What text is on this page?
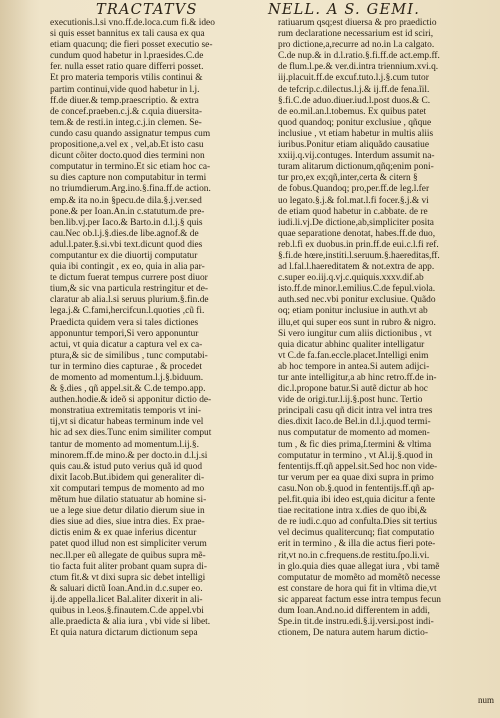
TRACTATVS	NELL. A S. GEMI.
executionis.l.si vno.ff.de.loca.cum fi.& ideo
si quis esset bannitus ex tali causa ex qua
etiam quacunq; die fieri posset executio se-
cundum quod habetur in l.praesides.C.de
fer. nulla esset ratio quare differri posset.
Et pro materia temporis vtilis continui &
partim continui,vide quod habetur in l.j.
ff.de diuer.& temp.praescriptio. & extra
de concef.praeben.c.j.& c.quia diuersita-
tem.& de resti.in integ.c.j.in clemen. Se-
cundo casu quando assignatur tempus cum
propositione,a.vel ex , vel,ab.Et isto casu
dicunt cõiter docto.quod dies termini non
computatur in termino.Et sic etiam hoc ca-
su dies capture non computabitur in termi
no triumdierum.Arg.ino.§.fina.ff.de action.
emp.& ita no.in §pecu.de dila.§.j.ver.sed
pone.& per Ioan.An.in c.statutum.de pre-
ben.lib.vj.per Iaco.& Barto.in d.l.j.§ quis
cau.Nec ob.l.j.§.dies.de libe.agnof.& de
adul.l.pater.§.si.vbi text.dicunt quod dies
computantur ex die diuortij computatur
quia ibi contingit , ex eo, quia in alia par-
te dictum fuerat tempus currere post diuor
tium,& sic vna particula restringitur et de-
claratur ab alia.l.si seruus plurium.§.fin.de
lega.j.& C.fami,hercifcun.l.quoties ,cũ fi.
Praedicta quidem vera si tales dictiones
apponuntur tempori,Si vero apponuntur
actui, vt quia dicatur a captura vel ex ca-
ptura,& sic de similibus , tunc computabi-
tur in termino dies capturae , & procedet
de momento ad momentum.l.j.§.biduum.
& §.dies , qñ appel.sit.& C.de tempo.app.
authen.hodie.& ideõ si apponitur dictio de-
monstratiua extremitatis temporis vt ini-
tij,vt si dicatur habeas terminum inde vel
hic ad sex dies.Tunc enim similiter comput
tantur de momento ad momentum.l.ij.§.
minorem.ff.de mino.& per docto.in d.l.j.si
quis cau.& istud puto verius quã id quod
dixit Iacob.But.ibidem qui generaliter di-
xit computari tempus de momento ad mo
mẽtum hue dilatio statuatur ab homine si-
ue a lege siue detur dilatio dierum siue in
dies siue ad dies, siue intra dies. Ex prae-
dictis enim & ex quae inferius dicentur
patet quod illud non est simpliciter verum
nec.ll.per eũ allegate de quibus supra mẽ-
tio facta fuit aliter probant quam supra di-
ctum fit.& vt dixi supra sic debet intelligi
& saluari dictũ Ioan.And.in d.c.super eo.
ij.de appella.licet Bal.aliter dixerit in ali-
quibus in l.eos.§.finautem.C.de appel.vbi
alle.praedicta & alia iura , vbi vide si libet.
Et quia natura dictarum dictionum sepa
ratiuarum qsq;est diuersa & pro praedictio
rum declaratione necessarium est id sciri,
pro dictione,a,recurre ad no.in l.a calgato.
C.de nup.& in d.l.ratio.§.fi.ff.de act.emp.ff.
de flum.l.pe.& ver.di.intra triennium.xvi.q.
iij.placuit.ff.de excuf.tuto.l.j.§.cum tutor
de tefcrip.c.dilectus.l.j.& ij.ff.de fena.ĩil.
§.fi.C.de aduo.diuer.iud.l.post duos.& C.
de eo.mil.an.l.tobemus. Ex quibus patet
quod quandoq; ponitur exclusiue , qñque
inclusiue , vt etiam habetur in multis aliis
iuribus.Ponitur etiam aliquãdo causatiue
xxiij.q.vij.contuges. Interdum assumit na-
turam alitarum dictionum,qñq;enim poni-
tur pro,ex ex;qñ,inter,certa & citern §
de fobus.Quandoq; pro,per.ff.de leg.l.fer
uo legato.§.j.& fol.mat.l.fi focer.§.j.& vi
de etiam quod habetur in c.abbate. de re
iudi.li.vj.De dictione,ab,simpliciter posita
quae separatione denotat, habes.ff.de duo,
reb.l.fi ex duobus.in prin.ff.de eui.c.l.fi ref.
§.fi.de hœre,institi.l.seruum.§.haereditas,ff.
ad l.fal.l.haereditatem & not.extra de app.
c.super eo.iij.q.vj.c.quiquis.xxxv.dif.ab
isto.ff.de minor.l.emilius.C.de fepul.viola.
auth.sed nec.vbi ponitur exclusiue. Quãdo
oq; etiam ponitur inclusiue in auth.vt ab
illu,et qui super eos sunt in rubro & nigro.
Si vero iungitur cum aliis dictionibus , vt
quia dicatur abhinc qualiter intelligatur
vt C.de fa.fan.eccle.placet.Intelligi enim
ab hoc tempore in antea.Si autem adijci-
tur ante intelligitur,a ab hinc retro.ff.de in-
dic.l.propone batur.Si autẽ dictur ab hoc
vide de origi.tur.l.ij.§.post hunc. Tertio
principali casu qñ dicit intra vel intra tres
dies.dixit Iaco.de Bel.in d.l.j.quod termi-
nus computatur de momento ad momen-
tum , & fic dies prima,ſ.termini & vltima
computatur in termino , vt Al.ij.§.quod in
fententijs.ff.qñ appel.sit.Sed hoc non vide-
tur verum per ea quae dixi supra in primo
casu.Non ob.§.quod in fententijs.ff.qñ ap-
pel.fit.quia ibi ideo est,quia dicitur a fente
tiae recitatione intra x.dies de quo ibi,&
de re iudi.c.quo ad confulta.Dies sit tertius
vel decimus qualitercunq; fiat computatio
erit in termino , & illa die actus fieri pote-
rit,vt no.in c.frequens.de restitu.ſpo.li.vi.
in glo.quia dies quae allegat iura , vbi tamẽ
computatur de momẽto ad momẽtõ necesse
est constare de hora qui fit in vltima die,vt
sic appareat factum esse intra tempus fecun
dum Ioan.And.no.id differentem in addi,
Spe.in tit.de instru.edi.§.ij.versi.post indi-
ctionem, De natura autem harum dictio-
num
